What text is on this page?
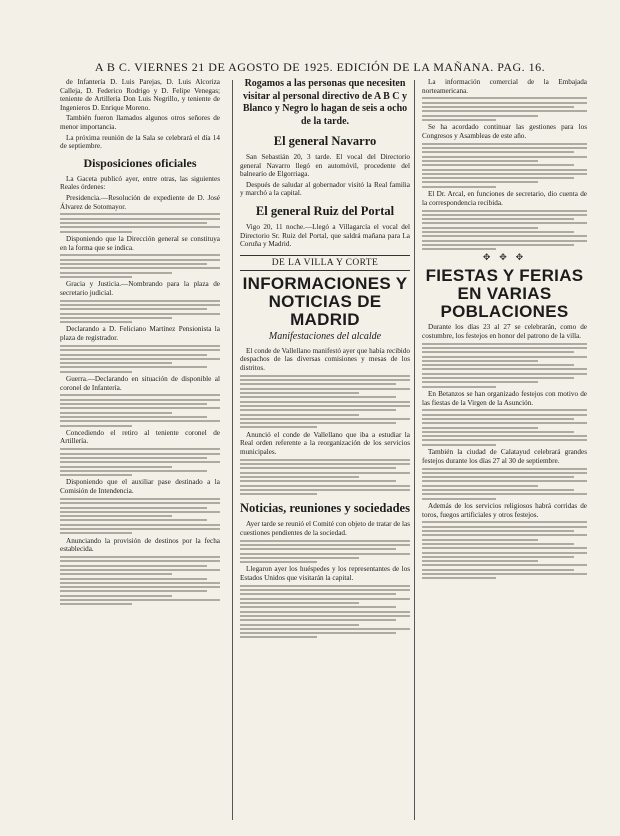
A B C. VIERNES 21 DE AGOSTO DE 1925. EDICIÓN DE LA MAÑANA. PAG. 16.

de Infantería D. Luis Parejas, D. Luis Alcoriza Calleja, D. Federico Rodrigo y D. Felipe Venegas; teniente de Artillería Don Luis Negrillo, y teniente de Ingenieros D. Enrique Moreno.

También fueron llamados algunos otros señores de menor importancia.

La próxima reunión de la Sala se celebrará el día 14 de septiembre.

Disposiciones oficiales

La Gaceta publicó ayer, entre otras, las siguientes Reales órdenes:

Presidencia.—Resolución de expediente de D. José Álvarez de Sotomayor.

Disponiendo que la Dirección general se constituya en la forma que se indica.

Gracia y Justicia.—Nombrando para la plaza de secretario judicial.

Declarando a D. Feliciano Martínez Pensionista la plaza de registrador.

Guerra.—Declarando en situación de disponible al coronel de Infantería.

Concediendo el retiro al teniente coronel de Artillería.

Disponiendo que el auxiliar pase destinado a la Comisión de Intendencia.

Anunciando la provisión de destinos por la fecha establecida.

Rogamos a las personas que necesiten visitar al personal directivo de A B C y Blanco y Negro lo hagan de seis a ocho de la tarde.
El general Navarro

San Sebastián 20, 3 tarde. El vocal del Directorio general Navarro llegó en automóvil, procedente del balneario de Elgorriaga.

Después de saludar al gobernador visitó la Real familia y marchó a la capital.

El general Ruiz del Portal

Vigo 20, 11 noche.—Llegó a Villagarcía el vocal del Directorio Sr. Ruiz del Portal, que saldrá mañana para La Coruña y Madrid.

DE LA VILLA Y CORTE
INFORMACIONES Y NOTICIAS DE MADRID
Manifestaciones del alcalde

El conde de Vallellano manifestó ayer que había recibido despachos de las diversas comisiones y mesas de los distritos.

Anunció el conde de Vallellano que iba a estudiar la Real orden referente a la reorganización de los servicios municipales.

Noticias, reuniones y sociedades

Ayer tarde se reunió el Comité con objeto de tratar de las cuestiones pendientes de la sociedad.

Llegaron ayer los huéspedes y los representantes de los Estados Unidos que visitarán la capital.

La información comercial de la Embajada norteamericana.

Se ha acordado continuar las gestiones para los Congresos y Asambleas de este año.

El Dr. Arcal, en funciones de secretario, dio cuenta de la correspondencia recibida.

✥ ✥ ✥
FIESTAS Y FERIAS EN VARIAS POBLACIONES

Durante los días 23 al 27 se celebrarán, como de costumbre, los festejos en honor del patrono de la villa.

En Betanzos se han organizado festejos con motivo de las fiestas de la Virgen de la Asunción.

También la ciudad de Calatayud celebrará grandes festejos durante los días 27 al 30 de septiembre.

Además de los servicios religiosos habrá corridas de toros, fuegos artificiales y otros festejos.
